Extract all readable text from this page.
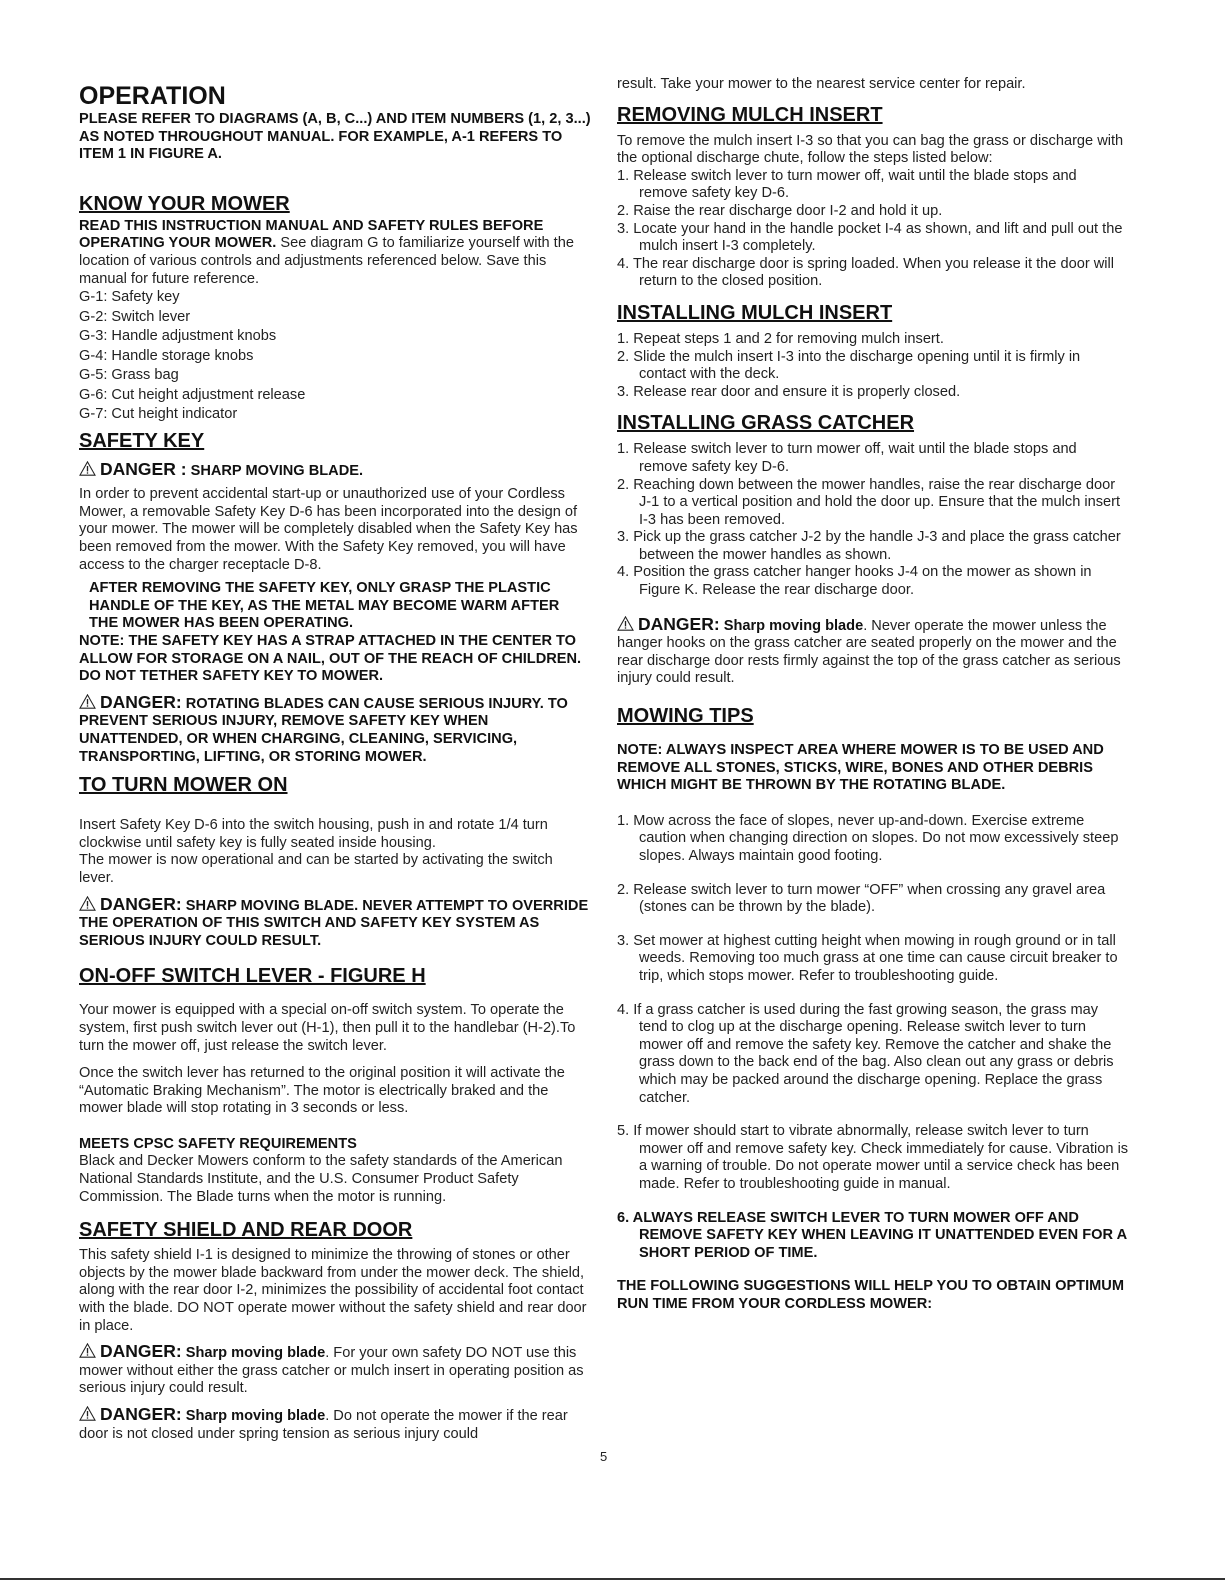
OPERATION

PLEASE REFER TO DIAGRAMS (A, B, C...) AND ITEM NUMBERS (1, 2, 3...) AS NOTED THROUGHOUT MANUAL. FOR EXAMPLE, A-1 REFERS TO ITEM 1 IN FIGURE A.

KNOW YOUR MOWER

READ THIS INSTRUCTION MANUAL AND SAFETY RULES BEFORE OPERATING YOUR MOWER. See diagram G to familiarize yourself with the location of various controls and adjustments referenced below. Save this manual for future reference.

G-1: Safety key
G-2: Switch lever
G-3: Handle adjustment knobs
G-4: Handle storage knobs
G-5: Grass bag
G-6: Cut height adjustment release
G-7: Cut height indicator
SAFETY KEY

DANGER : SHARP MOVING BLADE.

In order to prevent accidental start-up or unauthorized use of your Cordless Mower, a removable Safety Key D-6 has been incorporated into the design of your mower. The mower will be completely disabled when the Safety Key has been removed from the mower. With the Safety Key removed, you will have access to the charger receptacle D-8.

AFTER REMOVING THE SAFETY KEY, ONLY GRASP THE PLASTIC HANDLE OF THE KEY, AS THE METAL MAY BECOME WARM AFTER THE MOWER HAS BEEN OPERATING.

NOTE: THE SAFETY KEY HAS A STRAP ATTACHED IN THE CENTER TO ALLOW FOR STORAGE ON A NAIL, OUT OF THE REACH OF CHILDREN. DO NOT TETHER SAFETY KEY TO MOWER.

DANGER: ROTATING BLADES CAN CAUSE SERIOUS INJURY. TO PREVENT SERIOUS INJURY, REMOVE SAFETY KEY WHEN UNATTENDED, OR WHEN CHARGING, CLEANING, SERVICING, TRANSPORTING, LIFTING, OR STORING MOWER.

TO TURN MOWER ON

Insert Safety Key D-6 into the switch housing, push in and rotate 1/4 turn clockwise until safety key is fully seated inside housing.

The mower is now operational and can be started by activating the switch lever.

DANGER: SHARP MOVING BLADE. NEVER ATTEMPT TO OVERRIDE THE OPERATION OF THIS SWITCH AND SAFETY KEY SYSTEM AS SERIOUS INJURY COULD RESULT.

ON-OFF SWITCH LEVER - FIGURE H

Your mower is equipped with a special on-off switch system. To operate the system, first push switch lever out (H-1), then pull it to the handlebar (H-2).To turn the mower off, just release the switch lever.

Once the switch lever has returned to the original position it will activate the “Automatic Braking Mechanism”. The motor is electrically braked and the mower blade will stop rotating in 3 seconds or less.

MEETS CPSC SAFETY REQUIREMENTS

Black and Decker Mowers conform to the safety standards of the American National Standards Institute, and the U.S. Consumer Product Safety Commission. The Blade turns when the motor is running.

SAFETY SHIELD AND REAR DOOR

This safety shield I-1 is designed to minimize the throwing of stones or other objects by the mower blade backward from under the mower deck. The shield, along with the rear door I-2, minimizes the possibility of accidental foot contact with the blade. DO NOT operate mower without the safety shield and rear door in place.

DANGER: Sharp moving blade. For your own safety DO NOT use this mower without either the grass catcher or mulch insert in operating position as serious injury could result.

DANGER: Sharp moving blade. Do not operate the mower if the rear door is not closed under spring tension as serious injury could

result. Take your mower to the nearest service center for repair.

REMOVING MULCH INSERT

To remove the mulch insert I-3 so that you can bag the grass or discharge with the optional discharge chute, follow the steps listed below:

1. Release switch lever to turn mower off, wait until the blade stops and remove safety key D-6.
2. Raise the rear discharge door I-2 and hold it up.
3. Locate your hand in the handle pocket I-4 as shown, and lift and pull out the mulch insert I-3 completely.
4. The rear discharge door is spring loaded. When you release it the door will return to the closed position.
INSTALLING MULCH INSERT
1. Repeat steps 1 and 2 for removing mulch insert.
2. Slide the mulch insert I-3 into the discharge opening until it is firmly in contact with the deck.
3. Release rear door and ensure it is properly closed.
INSTALLING GRASS CATCHER
1. Release switch lever to turn mower off, wait until the blade stops and remove safety key D-6.
2. Reaching down between the mower handles, raise the rear discharge door J-1 to a vertical position and hold the door up. Ensure that the mulch insert I-3 has been removed.
3. Pick up the grass catcher J-2 by the handle J-3 and place the grass catcher between the mower handles as shown.
4. Position the grass catcher hanger hooks J-4 on the mower as shown in Figure K. Release the rear discharge door.

DANGER: Sharp moving blade. Never operate the mower unless the hanger hooks on the grass catcher are seated properly on the mower and the rear discharge door rests firmly against the top of the grass catcher as serious injury could result.

MOWING TIPS

NOTE: ALWAYS INSPECT AREA WHERE MOWER IS TO BE USED AND REMOVE ALL STONES, STICKS, WIRE, BONES AND OTHER DEBRIS WHICH MIGHT BE THROWN BY THE ROTATING BLADE.

1. Mow across the face of slopes, never up-and-down. Exercise extreme caution when changing direction on slopes. Do not mow excessively steep slopes. Always maintain good footing.
2. Release switch lever to turn mower “OFF” when crossing any gravel area (stones can be thrown by the blade).
3. Set mower at highest cutting height when mowing in rough ground or in tall weeds. Removing too much grass at one time can cause circuit breaker to trip, which stops mower. Refer to troubleshooting guide.
4. If a grass catcher is used during the fast growing season, the grass may tend to clog up at the discharge opening. Release switch lever to turn mower off and remove the safety key. Remove the catcher and shake the grass down to the back end of the bag. Also clean out any grass or debris which may be packed around the discharge opening. Replace the grass catcher.
5. If mower should start to vibrate abnormally, release switch lever to turn mower off and remove safety key. Check immediately for cause. Vibration is a warning of trouble. Do not operate mower until a service check has been made. Refer to troubleshooting guide in manual.
6. ALWAYS RELEASE SWITCH LEVER TO TURN MOWER OFF AND REMOVE SAFETY KEY WHEN LEAVING IT UNATTENDED EVEN FOR A SHORT PERIOD OF TIME.

THE FOLLOWING SUGGESTIONS WILL HELP YOU TO OBTAIN OPTIMUM RUN TIME FROM YOUR CORDLESS MOWER:

5
